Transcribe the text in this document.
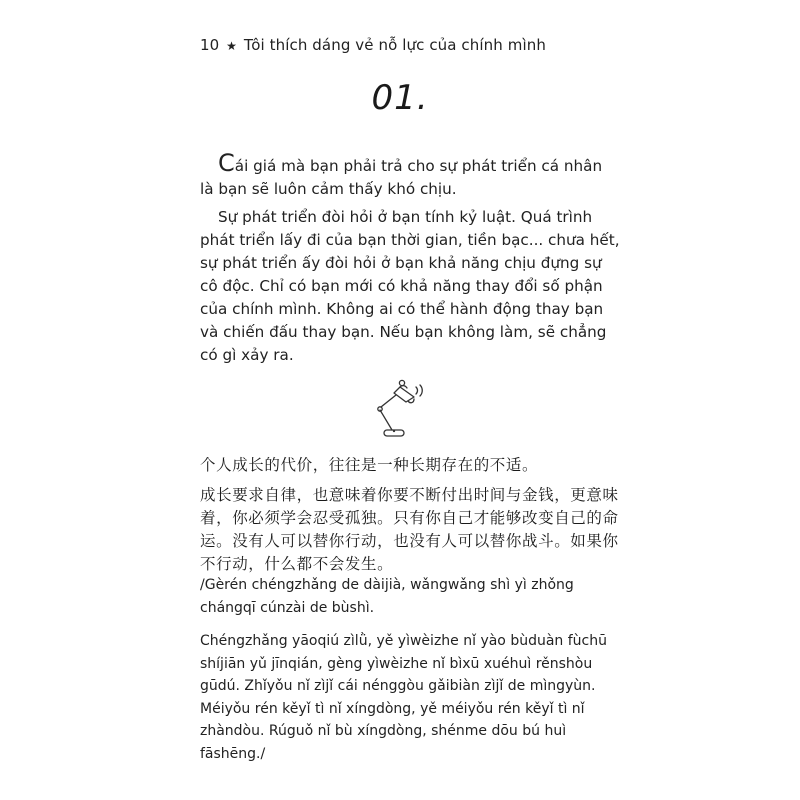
10 ★ Tôi thích dáng vẻ nỗ lực của chính mình
01.

Cái giá mà bạn phải trả cho sự phát triển cá nhân là bạn sẽ luôn cảm thấy khó chịu.

Sự phát triển đòi hỏi ở bạn tính kỷ luật. Quá trình phát triển lấy đi của bạn thời gian, tiền bạc... chưa hết, sự phát triển ấy đòi hỏi ở bạn khả năng chịu đựng sự cô độc. Chỉ có bạn mới có khả năng thay đổi số phận của chính mình. Không ai có thể hành động thay bạn và chiến đấu thay bạn. Nếu bạn không làm, sẽ chẳng có gì xảy ra.

个人成长的代价，往往是一种长期存在的不适。
成长要求自律，也意味着你要不断付出时间与金钱，更意味着，你必须学会忍受孤独。只有你自己才能够改变自己的命运。没有人可以替你行动，也没有人可以替你战斗。如果你不行动，什么都不会发生。
/Gèrén chéngzhǎng de dàijià, wǎngwǎng shì yì zhǒng chángqī cúnzài de bùshì.
Chéngzhǎng yāoqiú zìlǜ, yě yìwèizhe nǐ yào bùduàn fùchū shíjiān yǔ jīnqián, gèng yìwèizhe nǐ bìxū xuéhuì rěnshòu gūdú. Zhǐyǒu nǐ zìjǐ cái nénggòu gǎibiàn zìjǐ de mìngyùn. Méiyǒu rén kěyǐ tì nǐ xíngdòng, yě méiyǒu rén kěyǐ tì nǐ zhàndòu. Rúguǒ nǐ bù xíngdòng, shénme dōu bú huì fāshēng./
